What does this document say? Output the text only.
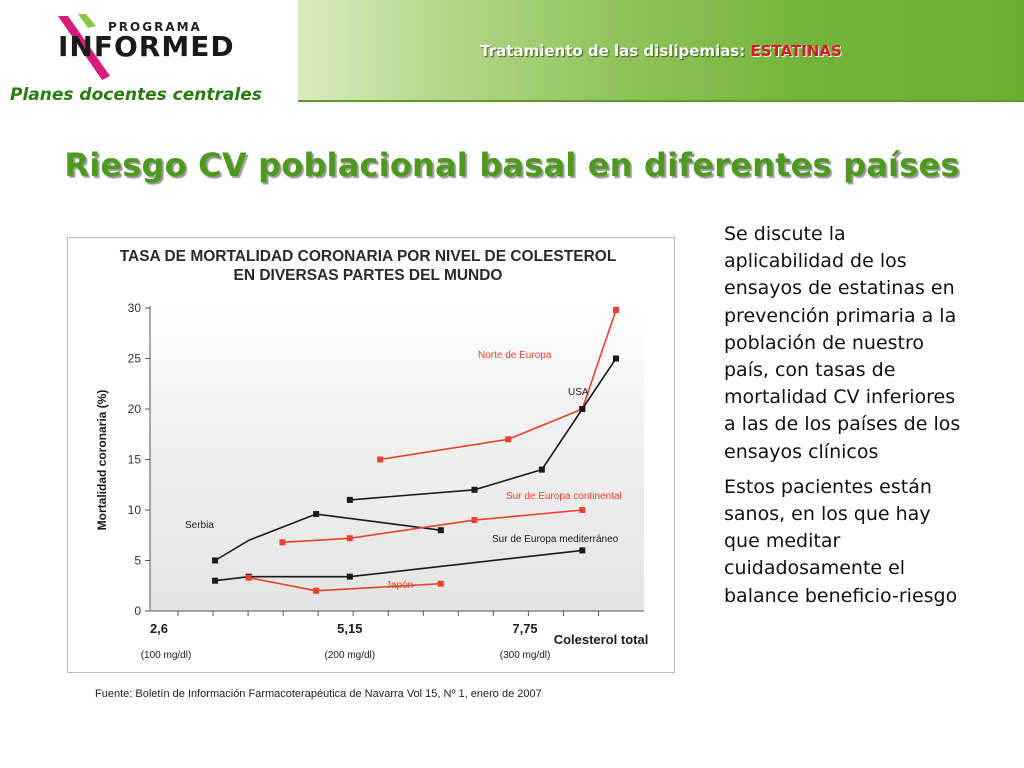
PROGRAMA
INFORMED
Planes docentes centrales
Tratamiento de las dislipemias: ESTATINAS
Riesgo CV poblacional basal en diferentes países
TASA DE MORTALIDAD CORONARIA POR NIVEL DE COLESTEROL
EN DIVERSAS PARTES DEL MUNDO
0
5
10
15
20
25
30
2,6
(100 mg/dl)
5,15
(200 mg/dl)
7,75
(300 mg/dl)
Norte de Europa
USA
Serbia
Sur de Europa continental
Sur de Europa mediterráneo
Japón
Mortalidad coronaria (%)
Colesterol total
Fuente: Boletín de Información Farmacoterapéutica de Navarra Vol 15, Nº 1, enero de 2007

Se discute la aplicabilidad de los ensayos de estatinas en prevención primaria a la población de nuestro país, con tasas de mortalidad CV inferiores a las de los países de los ensayos clínicos

Estos pacientes están sanos, en los que hay que meditar cuidadosamente el balance beneficio-riesgo
